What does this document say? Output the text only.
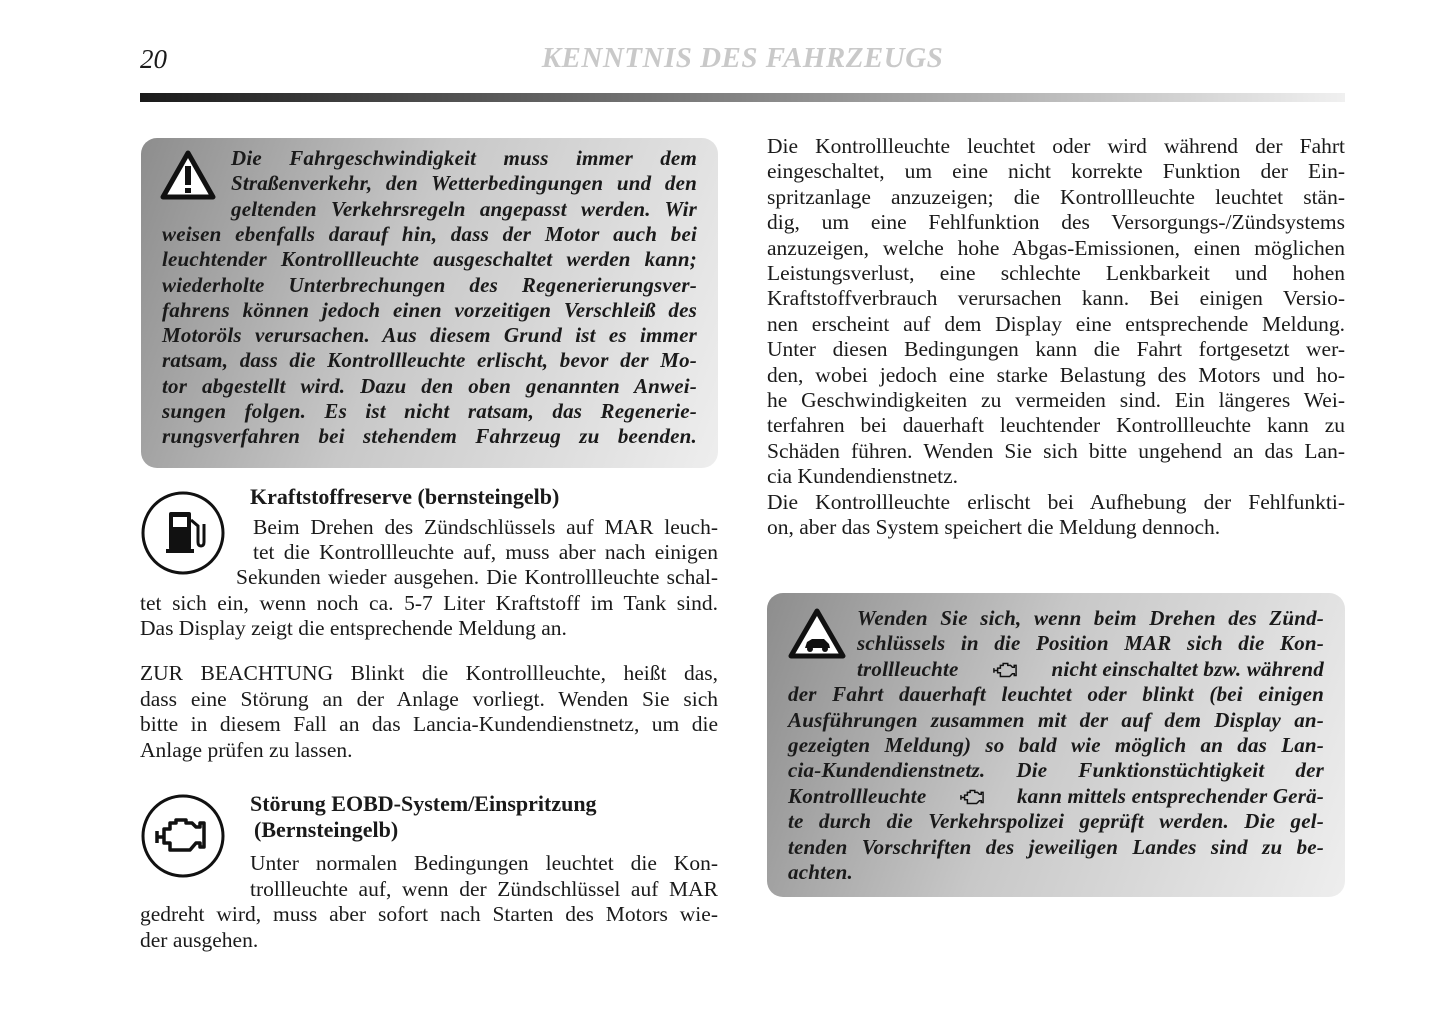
20	KENNTNIS DES FAHRZEUGS
Die Fahrgeschwindigkeit muss immer dem
Straßenverkehr, den Wetterbedingungen und den
geltenden Verkehrsregeln angepasst werden. Wir
weisen ebenfalls darauf hin, dass der Motor auch bei
leuchtender Kontrollleuchte ausgeschaltet werden kann;
wiederholte Unterbrechungen des Regenerierungsver-
fahrens können jedoch einen vorzeitigen Verschleiß des
Motoröls verursachen. Aus diesem Grund ist es immer
ratsam, dass die Kontrollleuchte erlischt, bevor der Mo-
tor abgestellt wird. Dazu den oben genannten Anwei-
sungen folgen. Es ist nicht ratsam, das Regenerie-
rungsverfahren bei stehendem Fahrzeug zu beenden.
Kraftstoffreserve (bernsteingelb)
Beim Drehen des Zündschlüssels auf MAR leuch-
tet die Kontrollleuchte auf, muss aber nach einigen
Sekunden wieder ausgehen. Die Kontrollleuchte schal-
tet sich ein, wenn noch ca. 5-7 Liter Kraftstoff im Tank sind.
Das Display zeigt die entsprechende Meldung an.
ZUR BEACHTUNG Blinkt die Kontrollleuchte, heißt das,
dass eine Störung an der Anlage vorliegt. Wenden Sie sich
bitte in diesem Fall an das Lancia-Kundendienstnetz, um die
Anlage prüfen zu lassen.
Störung EOBD-System/Einspritzung
(Bernsteingelb)
Unter normalen Bedingungen leuchtet die Kon-
trollleuchte auf, wenn der Zündschlüssel auf MAR
gedreht wird, muss aber sofort nach Starten des Motors wie-
der ausgehen.
Die Kontrollleuchte leuchtet oder wird während der Fahrt
eingeschaltet, um eine nicht korrekte Funktion der Ein-
spritzanlage anzuzeigen; die Kontrollleuchte leuchtet stän-
dig, um eine Fehlfunktion des Versorgungs-/Zündsystems
anzuzeigen, welche hohe Abgas-Emissionen, einen möglichen
Leistungsverlust, eine schlechte Lenkbarkeit und hohen
Kraftstoffverbrauch verursachen kann. Bei einigen Versio-
nen erscheint auf dem Display eine entsprechende Meldung.
Unter diesen Bedingungen kann die Fahrt fortgesetzt wer-
den, wobei jedoch eine starke Belastung des Motors und ho-
he Geschwindigkeiten zu vermeiden sind. Ein längeres Wei-
terfahren bei dauerhaft leuchtender Kontrollleuchte kann zu
Schäden führen. Wenden Sie sich bitte ungehend an das Lan-
cia Kundendienstnetz.
Die Kontrollleuchte erlischt bei Aufhebung der Fehlfunkti-
on, aber das System speichert die Meldung dennoch.
Wenden Sie sich, wenn beim Drehen des Zünd-
schlüssels in die Position MAR sich die Kon-
trollleuchte	nicht einschaltet bzw. während
der Fahrt dauerhaft leuchtet oder blinkt (bei einigen
Ausführungen zusammen mit der auf dem Display an-
gezeigten Meldung) so bald wie möglich an das Lan-
cia-Kundendienstnetz. Die Funktionstüchtigkeit der
Kontrollleuchte	kann mittels entsprechender Gerä-
te durch die Verkehrspolizei geprüft werden. Die gel-
tenden Vorschriften des jeweiligen Landes sind zu be-
achten.
